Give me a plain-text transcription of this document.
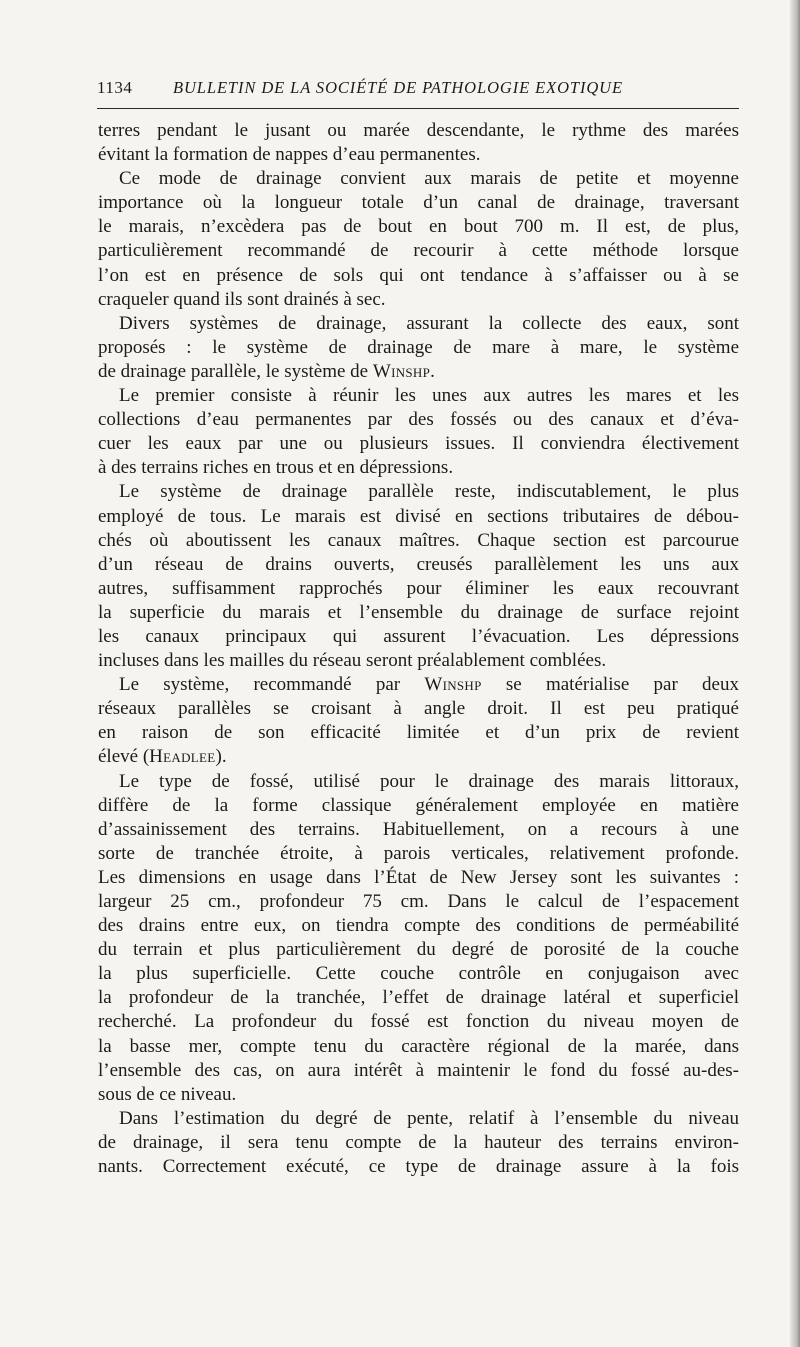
1134 BULLETIN DE LA SOCIÉTÉ DE PATHOLOGIE EXOTIQUE
terres pendant le jusant ou marée descendante, le rythme des marées
évitant la formation de nappes d’eau permanentes.
Ce mode de drainage convient aux marais de petite et moyenne
importance où la longueur totale d’un canal de drainage, traversant
le marais, n’excèdera pas de bout en bout 700 m. Il est, de plus,
particulièrement recommandé de recourir à cette méthode lorsque
l’on est en présence de sols qui ont tendance à s’affaisser ou à se
craqueler quand ils sont drainés à sec.
Divers systèmes de drainage, assurant la collecte des eaux, sont
proposés : le système de drainage de mare à mare, le système
de drainage parallèle, le système de Winshp.
Le premier consiste à réunir les unes aux autres les mares et les
collections d’eau permanentes par des fossés ou des canaux et d’éva-
cuer les eaux par une ou plusieurs issues. Il conviendra électivement
à des terrains riches en trous et en dépressions.
Le système de drainage parallèle reste, indiscutablement, le plus
employé de tous. Le marais est divisé en sections tributaires de débou-
chés où aboutissent les canaux maîtres. Chaque section est parcourue
d’un réseau de drains ouverts, creusés parallèlement les uns aux
autres, suffisamment rapprochés pour éliminer les eaux recouvrant
la superficie du marais et l’ensemble du drainage de surface rejoint
les canaux principaux qui assurent l’évacuation. Les dépressions
incluses dans les mailles du réseau seront préalablement comblées.
Le système, recommandé par Winshp se matérialise par deux
réseaux parallèles se croisant à angle droit. Il est peu pratiqué
en raison de son efficacité limitée et d’un prix de revient
élevé (Headlee).
Le type de fossé, utilisé pour le drainage des marais littoraux,
diffère de la forme classique généralement employée en matière
d’assainissement des terrains. Habituellement, on a recours à une
sorte de tranchée étroite, à parois verticales, relativement profonde.
Les dimensions en usage dans l’État de New Jersey sont les suivantes :
largeur 25 cm., profondeur 75 cm. Dans le calcul de l’espacement
des drains entre eux, on tiendra compte des conditions de perméabilité
du terrain et plus particulièrement du degré de porosité de la couche
la plus superficielle. Cette couche contrôle en conjugaison avec
la profondeur de la tranchée, l’effet de drainage latéral et superficiel
recherché. La profondeur du fossé est fonction du niveau moyen de
la basse mer, compte tenu du caractère régional de la marée, dans
l’ensemble des cas, on aura intérêt à maintenir le fond du fossé au-des-
sous de ce niveau.
Dans l’estimation du degré de pente, relatif à l’ensemble du niveau
de drainage, il sera tenu compte de la hauteur des terrains environ-
nants. Correctement exécuté, ce type de drainage assure à la fois
